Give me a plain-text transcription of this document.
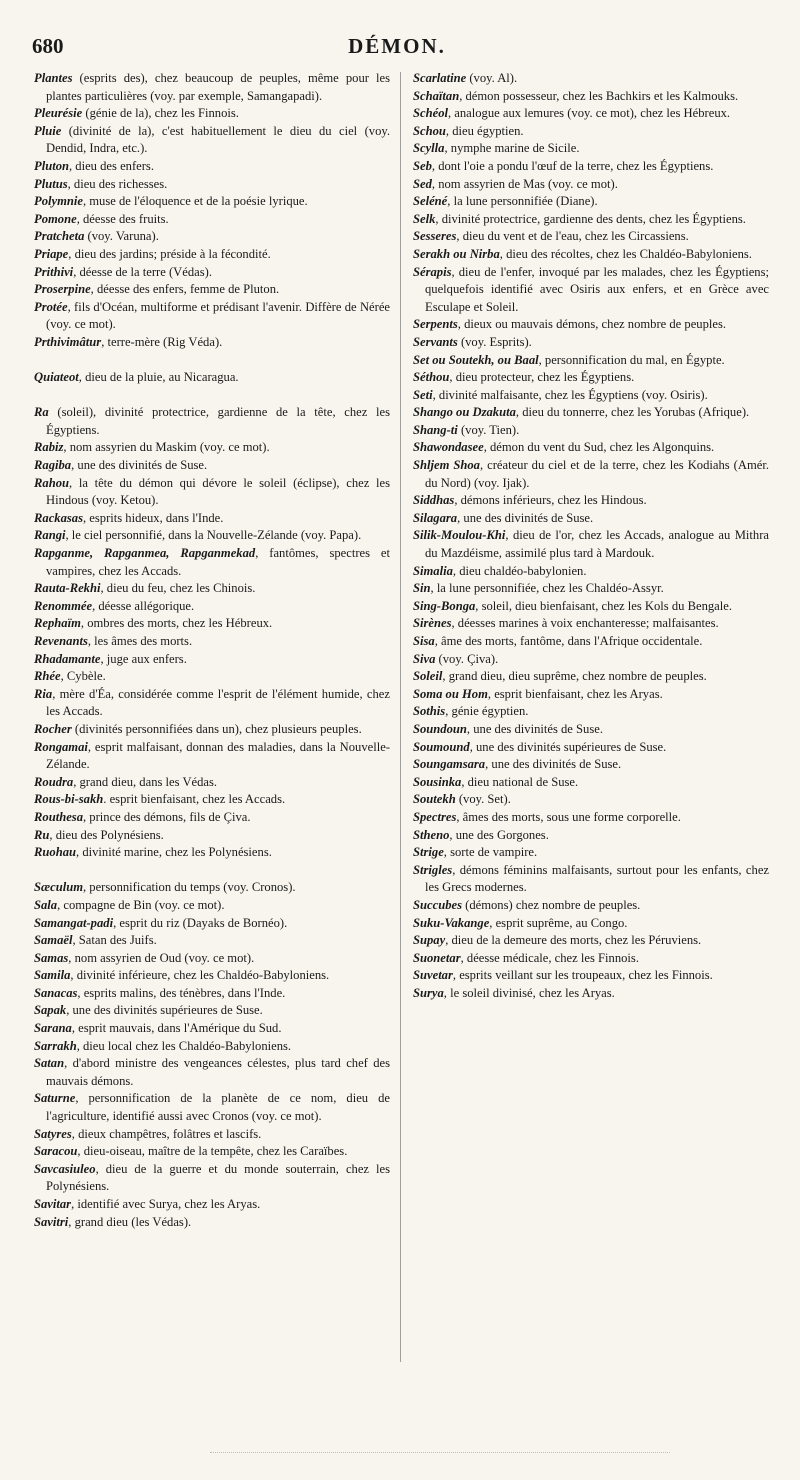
680	DÉMON.

Plantes (esprits des), chez beaucoup de peuples, même pour les plantes particulières (voy. par exemple, Samangapadi).

Pleurésie (génie de la), chez les Finnois.

Pluie (divinité de la), c'est habituellement le dieu du ciel (voy. Dendid, Indra, etc.).

Pluton, dieu des enfers.

Plutus, dieu des richesses.

Polymnie, muse de l'éloquence et de la poésie lyrique.

Pomone, déesse des fruits.

Pratcheta (voy. Varuna).

Priape, dieu des jardins; préside à la fécondité.

Prithivi, déesse de la terre (Védas).

Proserpine, déesse des enfers, femme de Pluton.

Protée, fils d'Océan, multiforme et prédisant l'avenir. Diffère de Nérée (voy. ce mot).

Prthivimâtur, terre-mère (Rig Véda).

Quiateot, dieu de la pluie, au Nicaragua.

Ra (soleil), divinité protectrice, gardienne de la tête, chez les Égyptiens.

Rabiz, nom assyrien du Maskim (voy. ce mot).

Ragiba, une des divinités de Suse.

Rahou, la tête du démon qui dévore le soleil (éclipse), chez les Hindous (voy. Ketou).

Rackasas, esprits hideux, dans l'Inde.

Rangi, le ciel personnifié, dans la Nouvelle-Zélande (voy. Papa).

Rapganme, Rapganmea, Rapganmekad, fantômes, spectres et vampires, chez les Accads.

Rauta-Rekhi, dieu du feu, chez les Chinois.

Renommée, déesse allégorique.

Rephaïm, ombres des morts, chez les Hébreux.

Revenants, les âmes des morts.

Rhadamante, juge aux enfers.

Rhée, Cybèle.

Ria, mère d'Éa, considérée comme l'esprit de l'élément humide, chez les Accads.

Rocher (divinités personnifiées dans un), chez plusieurs peuples.

Rongamai, esprit malfaisant, donnan des maladies, dans la Nouvelle-Zélande.

Roudra, grand dieu, dans les Védas.

Rous-bi-sakh. esprit bienfaisant, chez les Accads.

Routhesa, prince des démons, fils de Çiva.

Ru, dieu des Polynésiens.

Ruohau, divinité marine, chez les Polynésiens.

Sæculum, personnification du temps (voy. Cronos).

Sala, compagne de Bin (voy. ce mot).

Samangat-padi, esprit du riz (Dayaks de Bornéo).

Samaël, Satan des Juifs.

Samas, nom assyrien de Oud (voy. ce mot).

Samila, divinité inférieure, chez les Chaldéo-Babyloniens.

Sanacas, esprits malins, des ténèbres, dans l'Inde.

Sapak, une des divinités supérieures de Suse.

Sarana, esprit mauvais, dans l'Amérique du Sud.

Sarrakh, dieu local chez les Chaldéo-Babyloniens.

Satan, d'abord ministre des vengeances célestes, plus tard chef des mauvais démons.

Saturne, personnification de la planète de ce nom, dieu de l'agriculture, identifié aussi avec Cronos (voy. ce mot).

Satyres, dieux champêtres, folâtres et lascifs.

Saracou, dieu-oiseau, maître de la tempête, chez les Caraïbes.

Savcasiuleo, dieu de la guerre et du monde souterrain, chez les Polynésiens.

Savitar, identifié avec Surya, chez les Aryas.

Savitri, grand dieu (les Védas).

Scarlatine (voy. Al).

Schaïtan, démon possesseur, chez les Bachkirs et les Kalmouks.

Schéol, analogue aux lemures (voy. ce mot), chez les Hébreux.

Schou, dieu égyptien.

Scylla, nymphe marine de Sicile.

Seb, dont l'oie a pondu l'œuf de la terre, chez les Égyptiens.

Sed, nom assyrien de Mas (voy. ce mot).

Seléné, la lune personnifiée (Diane).

Selk, divinité protectrice, gardienne des dents, chez les Égyptiens.

Sesseres, dieu du vent et de l'eau, chez les Circassiens.

Serakh ou Nirba, dieu des récoltes, chez les Chaldéo-Babyloniens.

Sérapis, dieu de l'enfer, invoqué par les malades, chez les Égyptiens; quelquefois identifié avec Osiris aux enfers, et en Grèce avec Esculape et Soleil.

Serpents, dieux ou mauvais démons, chez nombre de peuples.

Servants (voy. Esprits).

Set ou Soutekh, ou Baal, personnification du mal, en Égypte.

Séthou, dieu protecteur, chez les Égyptiens.

Seti, divinité malfaisante, chez les Égyptiens (voy. Osiris).

Shango ou Dzakuta, dieu du tonnerre, chez les Yorubas (Afrique).

Shang-ti (voy. Tien).

Shawondasee, démon du vent du Sud, chez les Algonquins.

Shljem Shoa, créateur du ciel et de la terre, chez les Kodiahs (Amér. du Nord) (voy. Ijak).

Siddhas, démons inférieurs, chez les Hindous.

Silagara, une des divinités de Suse.

Silik-Moulou-Khi, dieu de l'or, chez les Accads, analogue au Mithra du Mazdéisme, assimilé plus tard à Mardouk.

Simalia, dieu chaldéo-babylonien.

Sin, la lune personnifiée, chez les Chaldéo-Assyr.

Sing-Bonga, soleil, dieu bienfaisant, chez les Kols du Bengale.

Sirènes, déesses marines à voix enchanteresse; malfaisantes.

Sisa, âme des morts, fantôme, dans l'Afrique occidentale.

Siva (voy. Çiva).

Soleil, grand dieu, dieu suprême, chez nombre de peuples.

Soma ou Hom, esprit bienfaisant, chez les Aryas.

Sothis, génie égyptien.

Soundoun, une des divinités de Suse.

Soumound, une des divinités supérieures de Suse.

Soungamsara, une des divinités de Suse.

Sousinka, dieu national de Suse.

Soutekh (voy. Set).

Spectres, âmes des morts, sous une forme corporelle.

Stheno, une des Gorgones.

Strige, sorte de vampire.

Strigles, démons féminins malfaisants, surtout pour les enfants, chez les Grecs modernes.

Succubes (démons) chez nombre de peuples.

Suku-Vakange, esprit suprême, au Congo.

Supay, dieu de la demeure des morts, chez les Péruviens.

Suonetar, déesse médicale, chez les Finnois.

Suvetar, esprits veillant sur les troupeaux, chez les Finnois.

Surya, le soleil divinisé, chez les Aryas.
